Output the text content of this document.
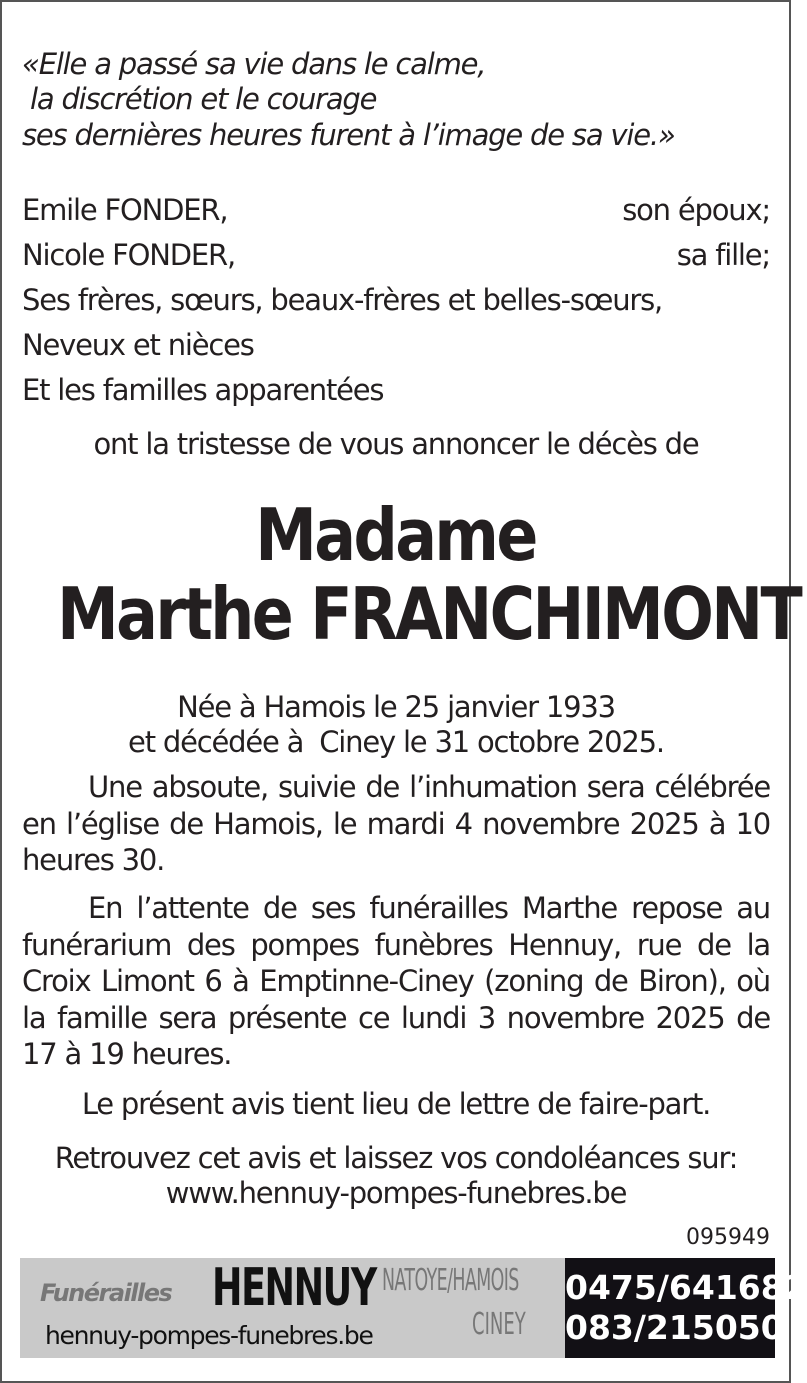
«Elle a passé sa vie dans le calme,
la discrétion et le courage
ses dernières heures furent à l’image de sa vie.»
Emile FONDER,	son époux;
Nicole FONDER,	sa fille;
Ses frères, sœurs, beaux-frères et belles-sœurs,
Neveux et nièces
Et les familles apparentées
ont la tristesse de vous annoncer le décès de
Madame
Marthe FRANCHIMONT
Née à Hamois le 25 janvier 1933
et décédée à  Ciney le 31 octobre 2025.
Une absoute, suivie de l’inhumation sera célébrée en l’église de Hamois, le mardi 4 novembre 2025 à 10 heures 30.
En l’attente de ses funérailles Marthe repose au funérarium des pompes funèbres Hennuy, rue de la Croix Limont 6 à Emptinne-Ciney (zoning de Biron), où la famille sera présente ce lundi 3 novembre 2025 de 17 à 19 heures.
Le présent avis tient lieu de lettre de faire-part.
Retrouvez cet avis et laissez vos condoléances sur:
www.hennuy-pompes-funebres.be
095949
Funérailles HENNUY NATOYE/HAMOIS
CINEY
hennuy-pompes-funebres.be
0475/641682
083/215050
